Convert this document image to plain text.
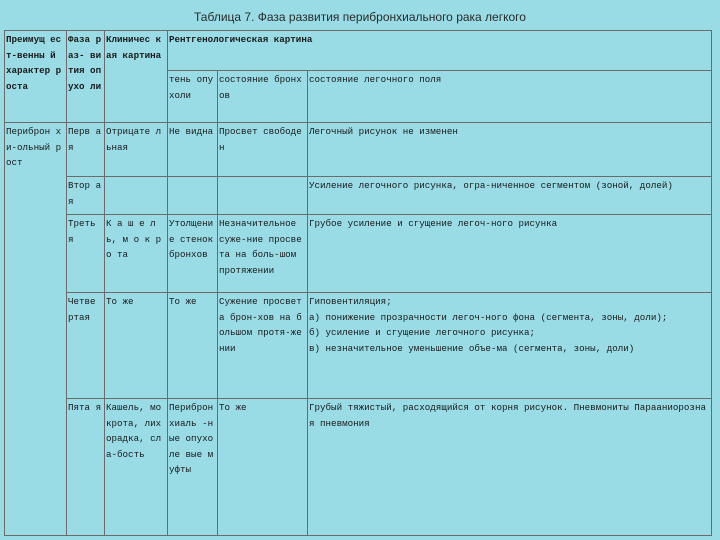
Таблица 7. Фаза развития перибронхиального рака легкого
Преимущ ест-венны й характер роста	Фаза раз- вития опухо ли	Клиничес кая картина	Рентгенологическая картина		
			тень опухоли	состояние бронхов	состояние легочного поля
Периброн хи-ольный рост	Перв ая	Отрицате льная	Не видна	Просвет свободен	Легочный рисунок не изменен
	Втор ая				Усиление легочного рисунка, огра-ниченное сегментом (зоной, долей)
	Треть я	К а ш е л ь, м о к р о та	Утолщение стенок бронхов	Незначительное суже-ние просвета на боль-шом протяжении	Грубое усиление и сгущение легоч-ного рисунка
	Четве ртая	То же	То же	Сужение просвета брон-хов на большом протя-жении	Гиповентиляция;
а) понижение прозрачности легоч-ного фона (сегмента, зоны, доли);
б) усиление и сгущение легочного рисунка;
в) незначительное уменьшение объе-ма (сегмента, зоны, доли)
	Пята я	Кашель, мокрота, лихорадка, сла-бость	Перибронхиаль -ные опухоле вые муфты	То же	Грубый тяжистый, расходящийся от корня рисунок. Пневмониты Парааниорозная пневмония
